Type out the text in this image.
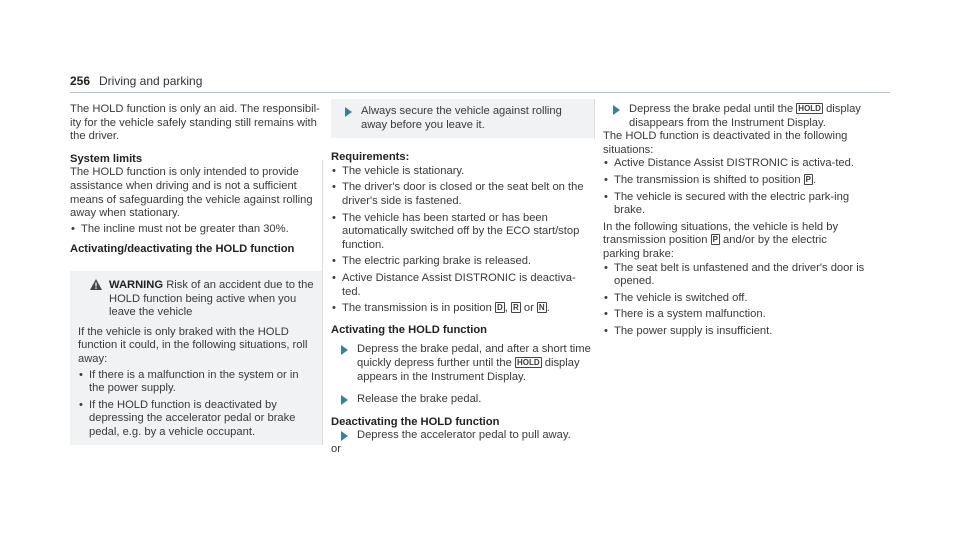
256 Driving and parking

The HOLD function is only an aid. The responsibil-ity for the vehicle safely standing still remains with the driver.

System limits

The HOLD function is only intended to provide assistance when driving and is not a sufficient means of safeguarding the vehicle against rolling away when stationary.

• The incline must not be greater than 30%.

Activating/deactivating the HOLD function

WARNING Risk of an accident due to the HOLD function being active when you leave the vehicle

If the vehicle is only braked with the HOLD function it could, in the following situations, roll away:

• If there is a malfunction in the system or in the power supply.
• If the HOLD function is deactivated by depressing the accelerator pedal or brake pedal, e.g. by a vehicle occupant.
Always secure the vehicle against rolling away before you leave it.

Requirements:

• The vehicle is stationary.
• The driver's door is closed or the seat belt on the driver's side is fastened.
• The vehicle has been started or has been automatically switched off by the ECO start/stop function.
• The electric parking brake is released.
• Active Distance Assist DISTRONIC is deactiva-ted.
• The transmission is in position D , R or N .

Activating the HOLD function

Depress the brake pedal, and after a short time quickly depress further until the HOLD display appears in the Instrument Display.
Release the brake pedal.

Deactivating the HOLD function

Depress the accelerator pedal to pull away.

or

Depress the brake pedal until the HOLD display disappears from the Instrument Display.

The HOLD function is deactivated in the following situations:

• Active Distance Assist DISTRONIC is activa-ted.
• The transmission is shifted to position P .
• The vehicle is secured with the electric park-ing brake.

In the following situations, the vehicle is held by transmission position P and/or by the electric parking brake:

• The seat belt is unfastened and the driver's door is opened.
• The vehicle is switched off.
• There is a system malfunction.
• The power supply is insufficient.
